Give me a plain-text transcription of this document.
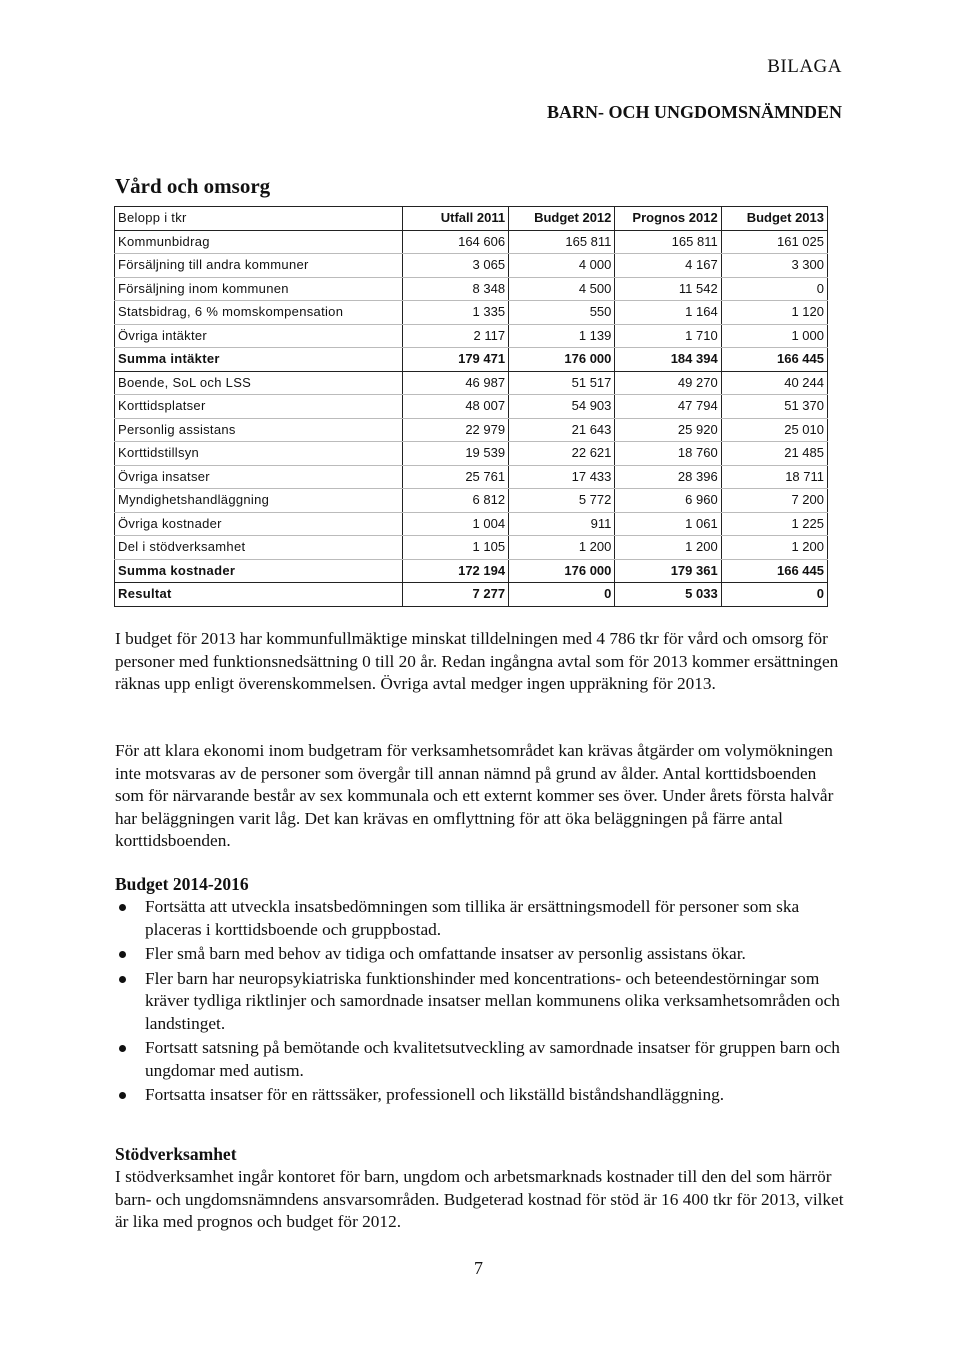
BILAGA
BARN- OCH UNGDOMSNÄMNDEN
Vård och omsorg
Belopp i tkr	Utfall 2011	Budget 2012	Prognos 2012	Budget 2013
Kommunbidrag	164 606	165 811	165 811	161 025
Försäljning till andra kommuner	3 065	4 000	4 167	3 300
Försäljning inom kommunen	8 348	4 500	11 542	0
Statsbidrag, 6 % momskompensation	1 335	550	1 164	1 120
Övriga intäkter	2 117	1 139	1 710	1 000
Summa intäkter	179 471	176 000	184 394	166 445
Boende, SoL och LSS	46 987	51 517	49 270	40 244
Korttidsplatser	48 007	54 903	47 794	51 370
Personlig assistans	22 979	21 643	25 920	25 010
Korttidstillsyn	19 539	22 621	18 760	21 485
Övriga insatser	25 761	17 433	28 396	18 711
Myndighetshandläggning	6 812	5 772	6 960	7 200
Övriga kostnader	1 004	911	1 061	1 225
Del i stödverksamhet	1 105	1 200	1 200	1 200
Summa kostnader	172 194	176 000	179 361	166 445
Resultat	7 277	0	5 033	0

I budget för 2013 har kommunfullmäktige minskat tilldelningen med 4 786 tkr för vård och omsorg för personer med funktionsnedsättning 0 till 20 år. Redan ingångna avtal som för 2013 kommer ersättningen räknas upp enligt överenskommelsen. Övriga avtal medger ingen uppräkning för 2013.

För att klara ekonomi inom budgetram för verksamhetsområdet kan krävas åtgärder om volymökningen inte motsvaras av de personer som övergår till annan nämnd på grund av ålder. Antal korttidsboenden som för närvarande består av sex kommunala och ett externt kommer ses över. Under årets första halvår har beläggningen varit låg. Det kan krävas en omflyttning för att öka beläggningen på färre antal korttidsboenden.

Budget 2014-2016
Fortsätta att utveckla insatsbedömningen som tillika är ersättningsmodell för personer som ska placeras i korttidsboende och gruppbostad.
Fler små barn med behov av tidiga och omfattande insatser av personlig assistans ökar.
Fler barn har neuropsykiatriska funktionshinder med koncentrations- och beteendestörningar som kräver tydliga riktlinjer och samordnade insatser mellan kommunens olika verksamhetsområden och landstinget.
Fortsatt satsning på bemötande och kvalitetsutveckling av samordnade insatser för gruppen barn och ungdomar med autism.
Fortsatta insatser för en rättssäker, professionell och likställd biståndshandläggning.
Stödverksamhet

I stödverksamhet ingår kontoret för barn, ungdom och arbetsmarknads kostnader till den del som härrör barn- och ungdomsnämndens ansvarsområden. Budgeterad kostnad för stöd är 16 400 tkr för 2013, vilket är lika med prognos och budget för 2012.

7
